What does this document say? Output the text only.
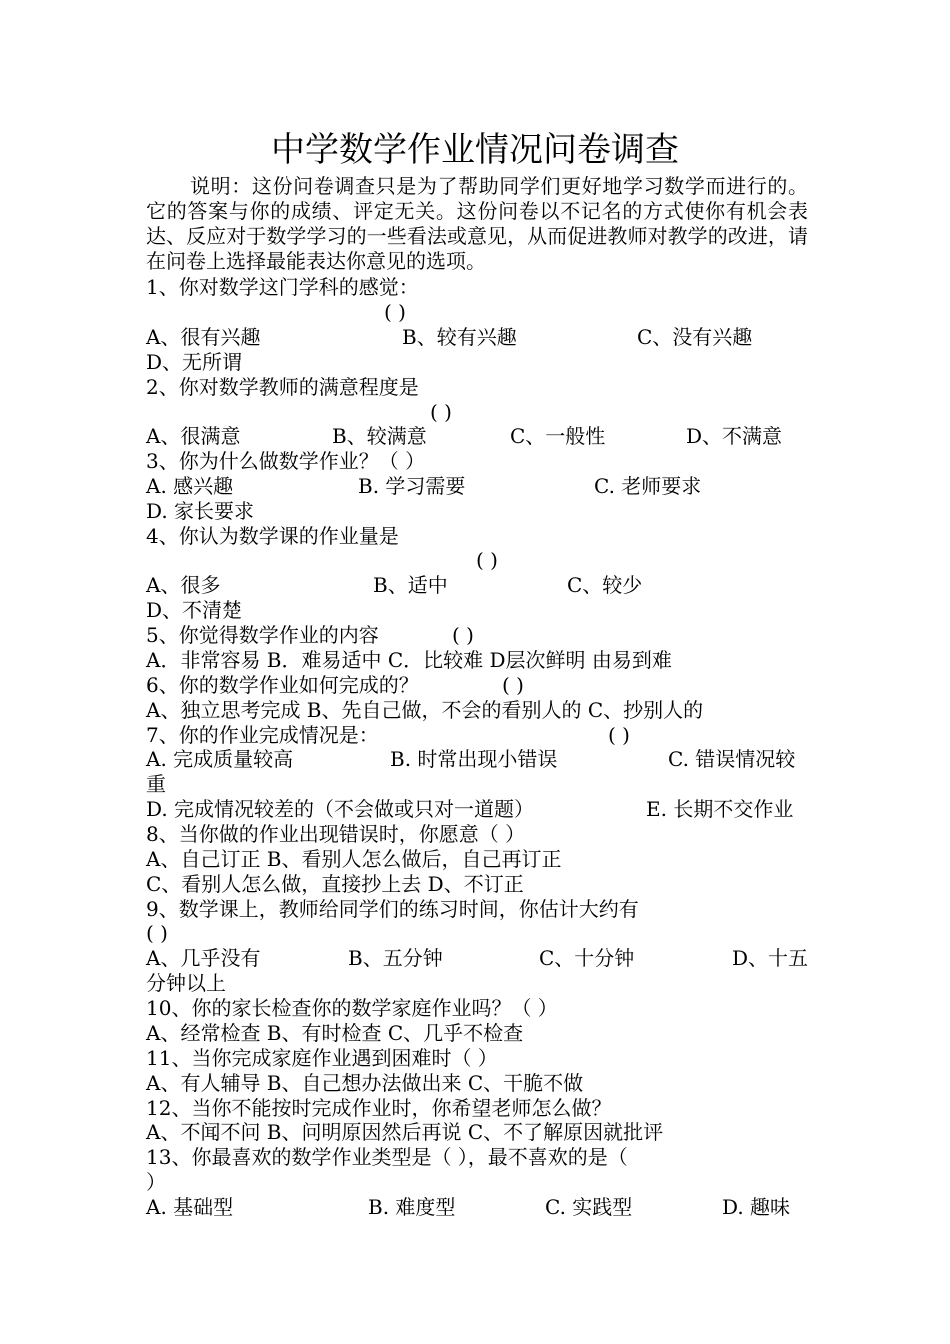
中学数学作业情况问卷调查
说明：这份问卷调查只是为了帮助同学们更好地学习数学而进行的。它的答案与你的成绩、评定无关。这份问卷以不记名的方式使你有机会表达、反应对于数学学习的一些看法或意见，从而促进教师对教学的改进，请在问卷上选择最能表达你意见的选项。
1、你对数学这门学科的感觉：
( )
A、很有兴趣	B、较有兴趣	C、没有兴趣
D、无所谓
2、你对数学教师的满意程度是
( )
A、很满意	B、较满意	C、一般性	D、不满意
3、你为什么做数学作业？（ ）
A. 感兴趣	B. 学习需要	C. 老师要求
D. 家长要求
4、你认为数学课的作业量是
( )
A、很多	B、适中	C、较少
D、不清楚
5、你觉得数学作业的内容	( )
A．非常容易 B．难易适中 C．比较难 D层次鲜明 由易到难
6、你的数学作业如何完成的？	( )
A、独立思考完成 B、先自己做，不会的看别人的 C、抄别人的
7、你的作业完成情况是：	( )
A. 完成质量较高	B. 时常出现小错误	C. 错误情况较
重
D. 完成情况较差的（不会做或只对一道题）	E. 长期不交作业
8、当你做的作业出现错误时，你愿意（ ）
A、自己订正 B、看别人怎么做后，自己再订正
C、看别人怎么做，直接抄上去 D、不订正
9、数学课上，教师给同学们的练习时间，你估计大约有
( )
A、几乎没有	B、五分钟	C、十分钟	D、十五
分钟以上
10、你的家长检查你的数学家庭作业吗？（ ）
A、经常检查 B、有时检查 C、几乎不检查
11、当你完成家庭作业遇到困难时（ ）
A、有人辅导 B、自己想办法做出来 C、干脆不做
12、当你不能按时完成作业时，你希望老师怎么做？
A、不闻不问 B、问明原因然后再说 C、不了解原因就批评
13、你最喜欢的数学作业类型是（ ），最不喜欢的是（
）
A. 基础型	B. 难度型	C. 实践型	D. 趣味
